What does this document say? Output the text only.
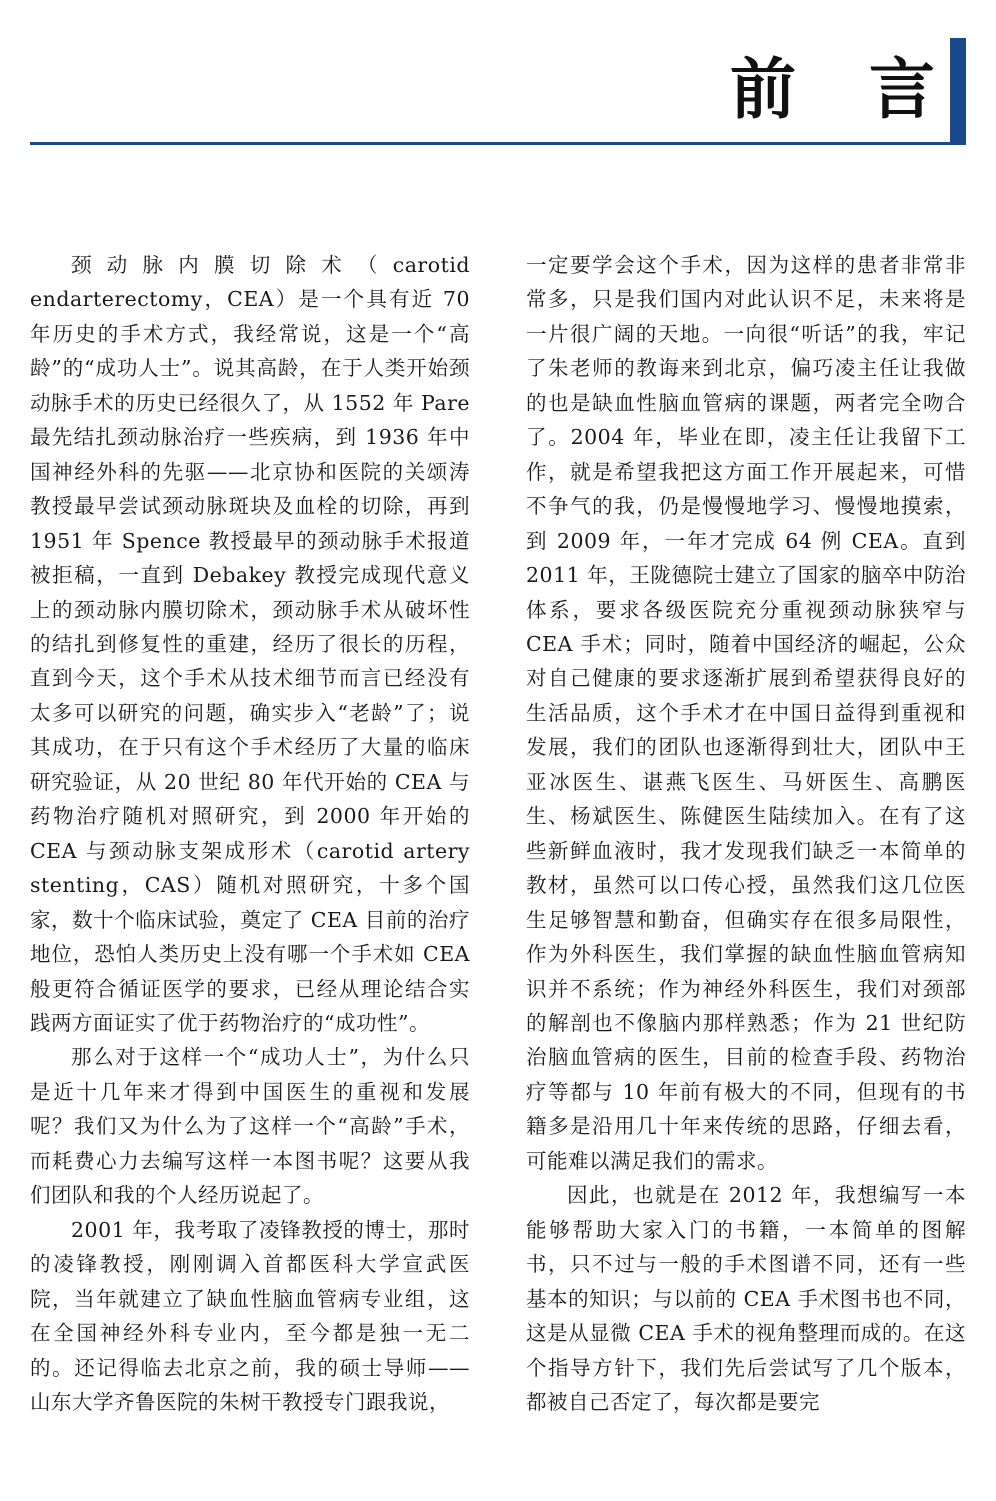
前 言

颈动脉内膜切除术（carotid endarterectomy，CEA）是一个具有近 70 年历史的手术方式，我经常说，这是一个“高龄”的“成功人士”。说其高龄，在于人类开始颈动脉手术的历史已经很久了，从 1552 年 Pare 最先结扎颈动脉治疗一些疾病，到 1936 年中国神经外科的先驱——北京协和医院的关颂涛教授最早尝试颈动脉斑块及血栓的切除，再到 1951 年 Spence 教授最早的颈动脉手术报道被拒稿，一直到 Debakey 教授完成现代意义上的颈动脉内膜切除术，颈动脉手术从破坏性的结扎到修复性的重建，经历了很长的历程，直到今天，这个手术从技术细节而言已经没有太多可以研究的问题，确实步入“老龄”了；说其成功，在于只有这个手术经历了大量的临床研究验证，从 20 世纪 80 年代开始的 CEA 与药物治疗随机对照研究，到 2000 年开始的 CEA 与颈动脉支架成形术（carotid artery stenting，CAS）随机对照研究，十多个国家，数十个临床试验，奠定了 CEA 目前的治疗地位，恐怕人类历史上没有哪一个手术如 CEA 般更符合循证医学的要求，已经从理论结合实践两方面证实了优于药物治疗的“成功性”。

那么对于这样一个“成功人士”，为什么只是近十几年来才得到中国医生的重视和发展呢？我们又为什么为了这样一个“高龄”手术，而耗费心力去编写这样一本图书呢？这要从我们团队和我的个人经历说起了。

2001 年，我考取了凌锋教授的博士，那时的凌锋教授，刚刚调入首都医科大学宣武医院，当年就建立了缺血性脑血管病专业组，这在全国神经外科专业内，至今都是独一无二的。还记得临去北京之前，我的硕士导师——山东大学齐鲁医院的朱树干教授专门跟我说，

一定要学会这个手术，因为这样的患者非常非常多，只是我们国内对此认识不足，未来将是一片很广阔的天地。一向很“听话”的我，牢记了朱老师的教诲来到北京，偏巧凌主任让我做的也是缺血性脑血管病的课题，两者完全吻合了。2004 年，毕业在即，凌主任让我留下工作，就是希望我把这方面工作开展起来，可惜不争气的我，仍是慢慢地学习、慢慢地摸索，到 2009 年，一年才完成 64 例 CEA。直到 2011 年，王陇德院士建立了国家的脑卒中防治体系，要求各级医院充分重视颈动脉狭窄与 CEA 手术；同时，随着中国经济的崛起，公众对自己健康的要求逐渐扩展到希望获得良好的生活品质，这个手术才在中国日益得到重视和发展，我们的团队也逐渐得到壮大，团队中王亚冰医生、谌燕飞医生、马妍医生、高鹏医生、杨斌医生、陈健医生陆续加入。在有了这些新鲜血液时，我才发现我们缺乏一本简单的教材，虽然可以口传心授，虽然我们这几位医生足够智慧和勤奋，但确实存在很多局限性，作为外科医生，我们掌握的缺血性脑血管病知识并不系统；作为神经外科医生，我们对颈部的解剖也不像脑内那样熟悉；作为 21 世纪防治脑血管病的医生，目前的检查手段、药物治疗等都与 10 年前有极大的不同，但现有的书籍多是沿用几十年来传统的思路，仔细去看，可能难以满足我们的需求。

因此，也就是在 2012 年，我想编写一本能够帮助大家入门的书籍，一本简单的图解书，只不过与一般的手术图谱不同，还有一些基本的知识；与以前的 CEA 手术图书也不同，这是从显微 CEA 手术的视角整理而成的。在这个指导方针下，我们先后尝试写了几个版本，都被自己否定了，每次都是要完
